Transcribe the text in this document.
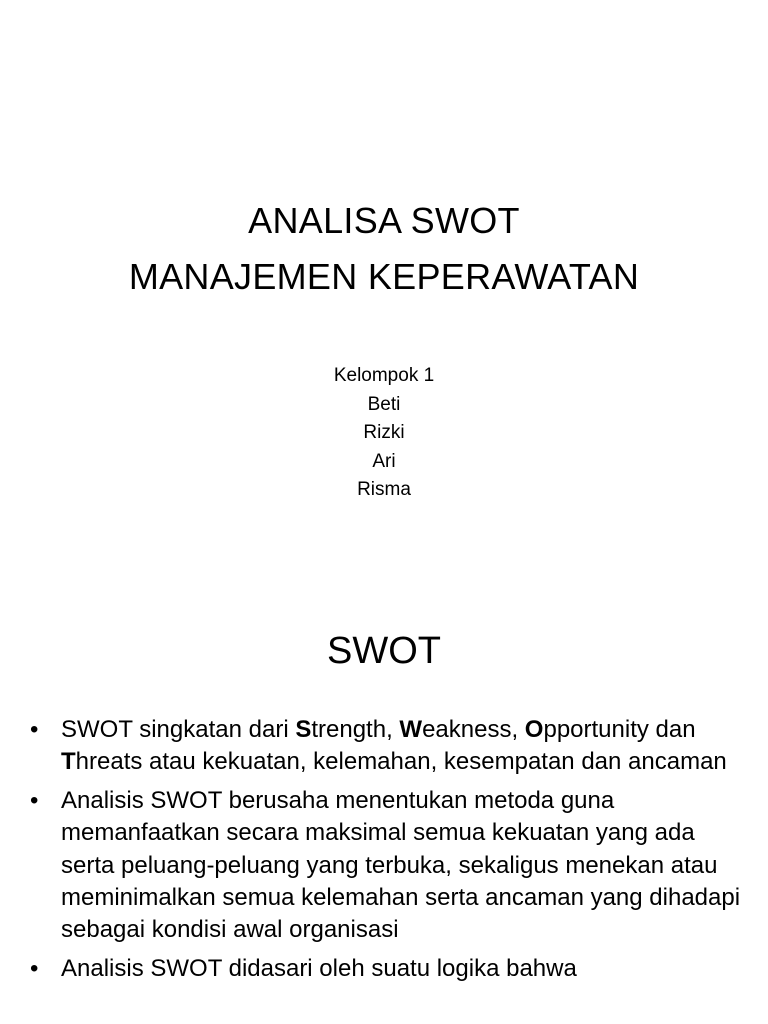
ANALISA SWOT
MANAJEMEN KEPERAWATAN
Kelompok 1
Beti
Rizki
Ari
Risma
SWOT
• SWOT singkatan dari Strength, Weakness, Opportunity dan Threats atau kekuatan, kelemahan, kesempatan dan ancaman
• Analisis SWOT berusaha menentukan metoda guna memanfaatkan secara maksimal semua kekuatan yang ada serta peluang-peluang yang terbuka, sekaligus menekan atau meminimalkan semua kelemahan serta ancaman yang dihadapi sebagai kondisi awal organisasi
• Analisis SWOT didasari oleh suatu logika bahwa
